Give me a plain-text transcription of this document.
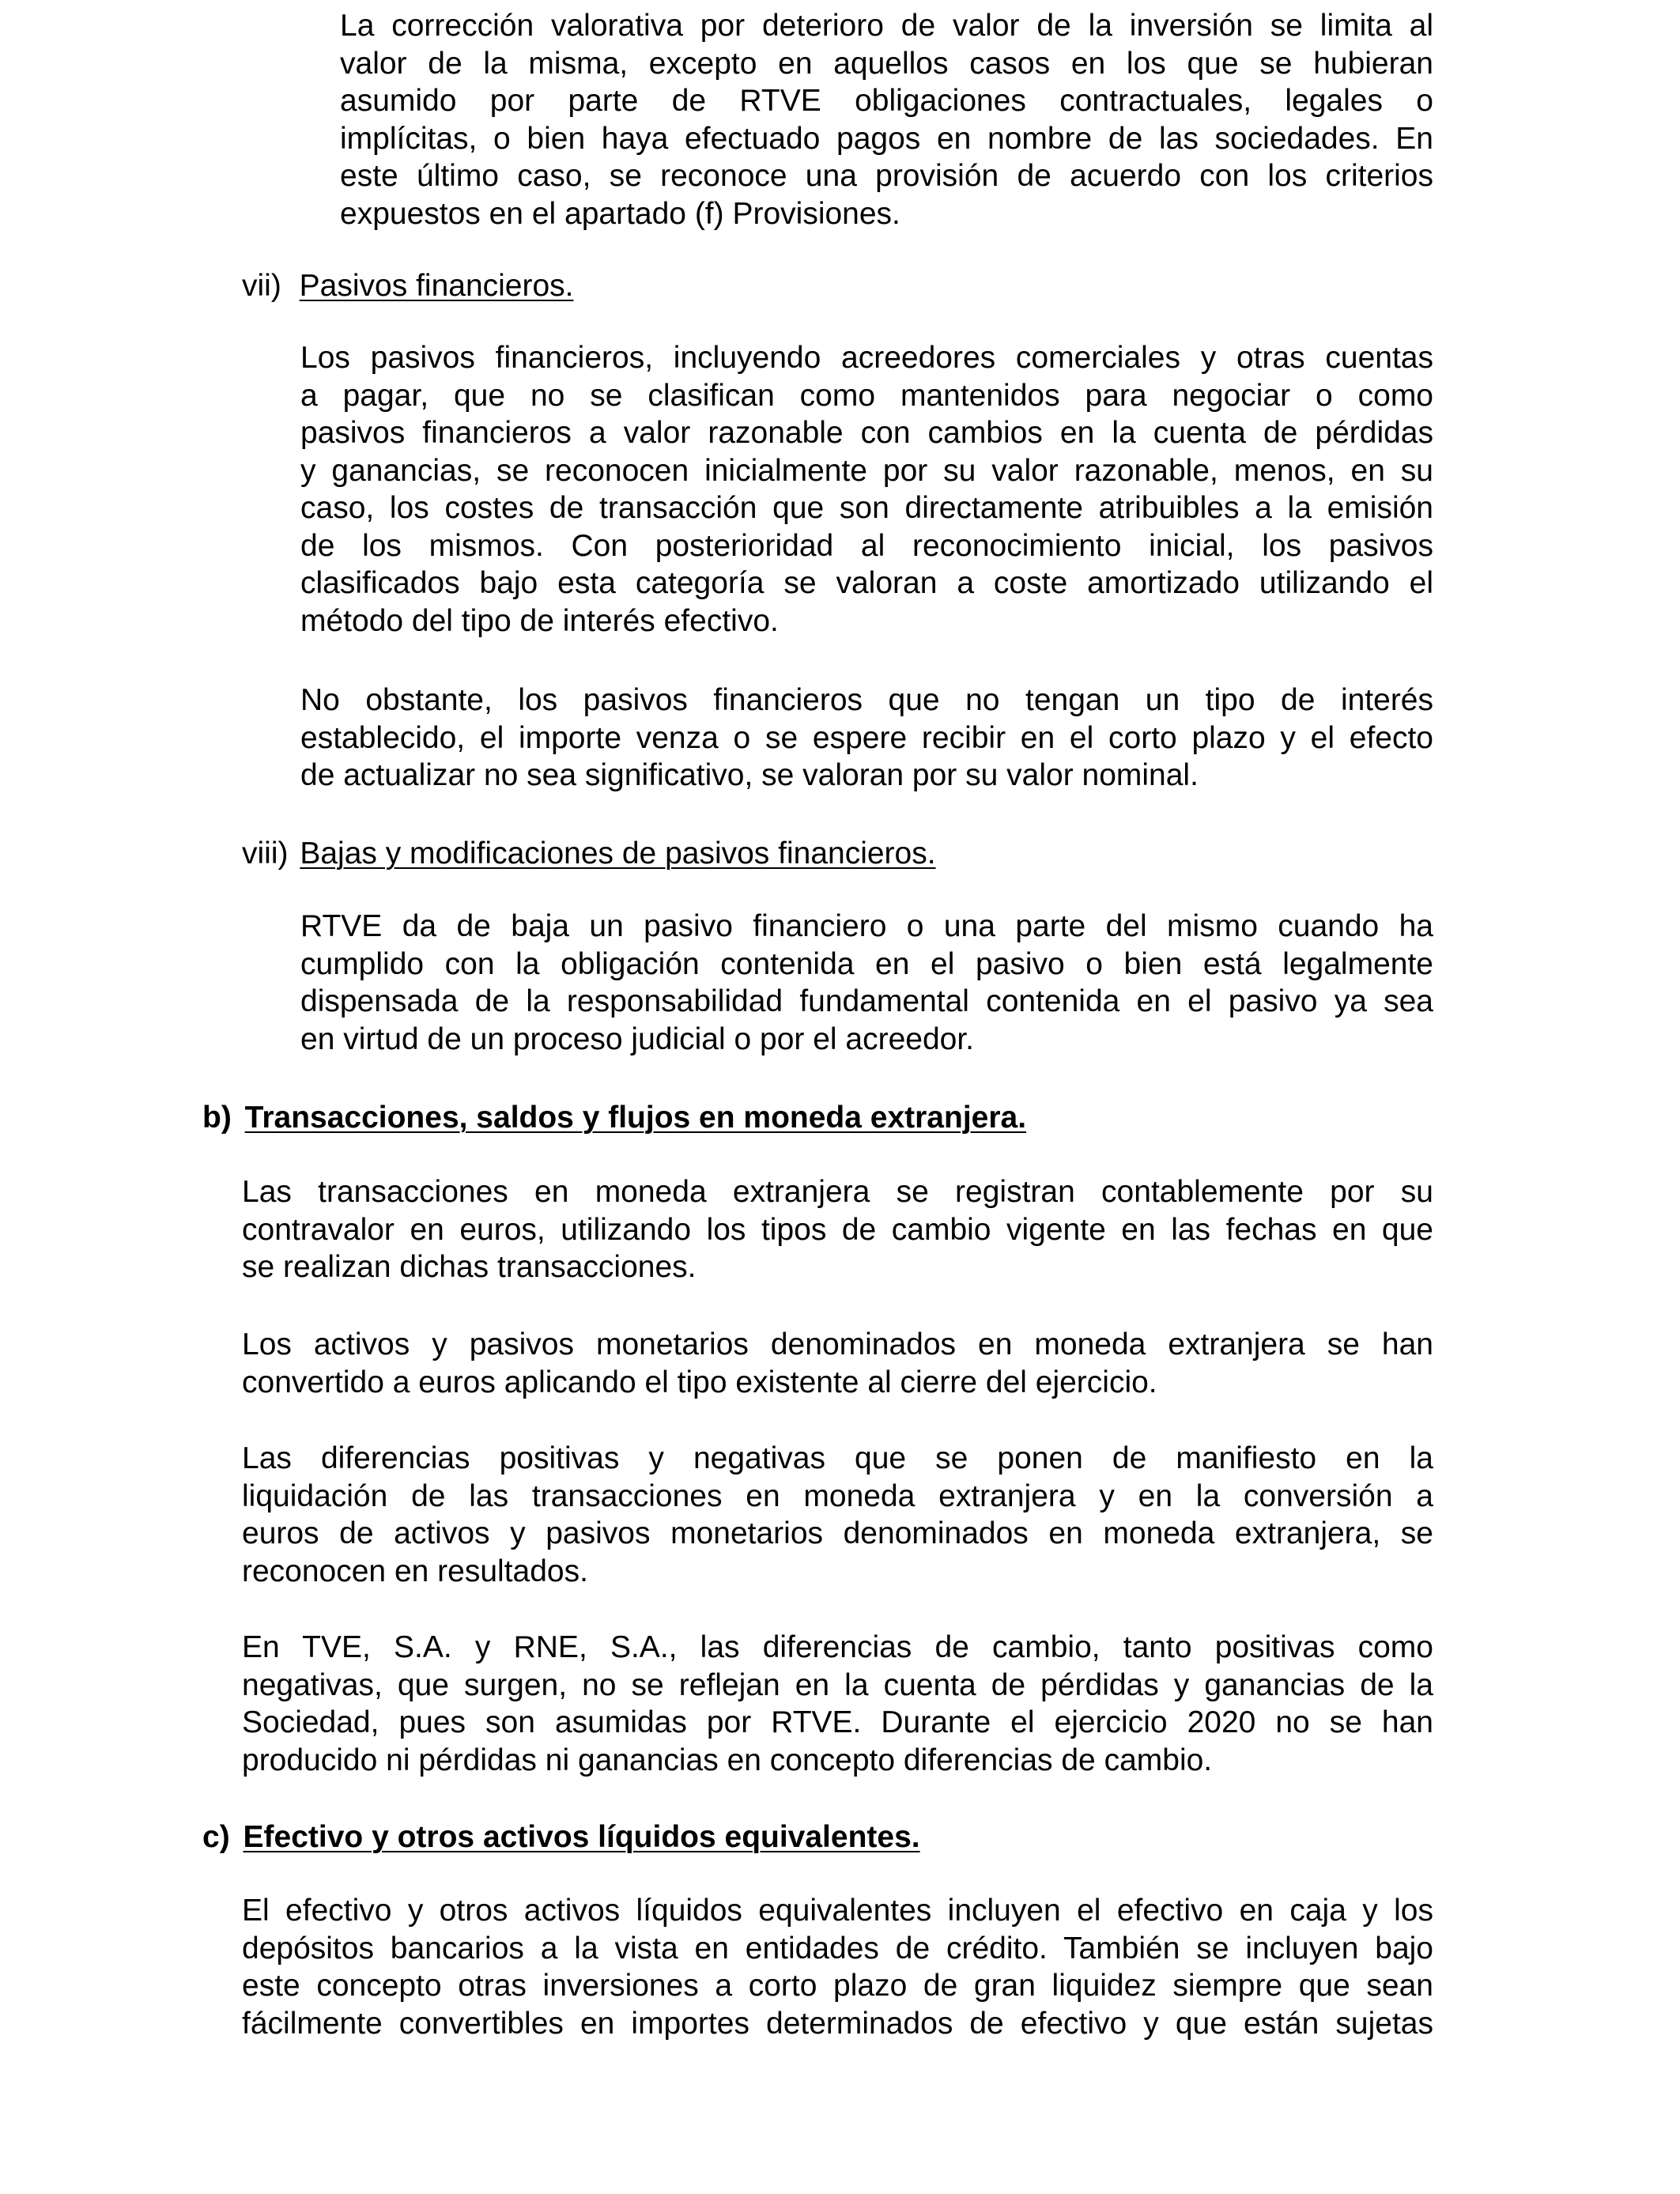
La corrección valorativa por deterioro de valor de la inversión se limita al
valor de la misma, excepto en aquellos casos en los que se hubieran
asumido por parte de RTVE obligaciones contractuales, legales o
implícitas, o bien haya efectuado pagos en nombre de las sociedades. En
este último caso, se reconoce una provisión de acuerdo con los criterios
expuestos en el apartado (f) Provisiones.
vii) Pasivos financieros.
Los pasivos financieros, incluyendo acreedores comerciales y otras cuentas
a pagar, que no se clasifican como mantenidos para negociar o como
pasivos financieros a valor razonable con cambios en la cuenta de pérdidas
y ganancias, se reconocen inicialmente por su valor razonable, menos, en su
caso, los costes de transacción que son directamente atribuibles a la emisión
de los mismos. Con posterioridad al reconocimiento inicial, los pasivos
clasificados bajo esta categoría se valoran a coste amortizado utilizando el
método del tipo de interés efectivo.
No obstante, los pasivos financieros que no tengan un tipo de interés
establecido, el importe venza o se espere recibir en el corto plazo y el efecto
de actualizar no sea significativo, se valoran por su valor nominal.
viii) Bajas y modificaciones de pasivos financieros.
RTVE da de baja un pasivo financiero o una parte del mismo cuando ha
cumplido con la obligación contenida en el pasivo o bien está legalmente
dispensada de la responsabilidad fundamental contenida en el pasivo ya sea
en virtud de un proceso judicial o por el acreedor.
b) Transacciones, saldos y flujos en moneda extranjera.
Las transacciones en moneda extranjera se registran contablemente por su
contravalor en euros, utilizando los tipos de cambio vigente en las fechas en que
se realizan dichas transacciones.
Los activos y pasivos monetarios denominados en moneda extranjera se han
convertido a euros aplicando el tipo existente al cierre del ejercicio.
Las diferencias positivas y negativas que se ponen de manifiesto en la
liquidación de las transacciones en moneda extranjera y en la conversión a
euros de activos y pasivos monetarios denominados en moneda extranjera, se
reconocen en resultados.
En TVE, S.A. y RNE, S.A., las diferencias de cambio, tanto positivas como
negativas, que surgen, no se reflejan en la cuenta de pérdidas y ganancias de la
Sociedad, pues son asumidas por RTVE. Durante el ejercicio 2020 no se han
producido ni pérdidas ni ganancias en concepto diferencias de cambio.
c) Efectivo y otros activos líquidos equivalentes.
El efectivo y otros activos líquidos equivalentes incluyen el efectivo en caja y los
depósitos bancarios a la vista en entidades de crédito. También se incluyen bajo
este concepto otras inversiones a corto plazo de gran liquidez siempre que sean
fácilmente convertibles en importes determinados de efectivo y que están sujetas
